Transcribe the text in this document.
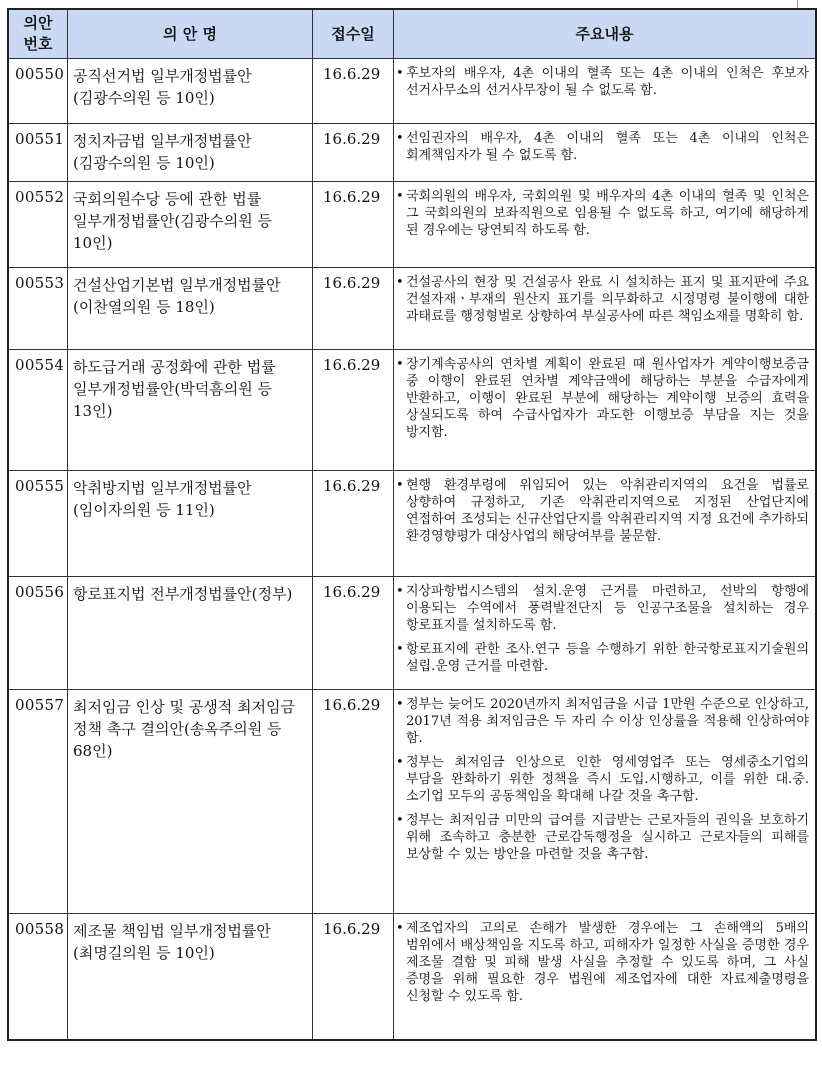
의안
번호	의 안 명	접수일	주요내용
00550	공직선거법 일부개정법률안(김광수의원 등 10인)	16.6.29	• 후보자의 배우자, 4촌 이내의 혈족 또는 4촌 이내의 인척은 후보자 선거사무소의 선거사무장이 될 수 없도록 함.

00551	정치자금법 일부개정법률안(김광수의원 등 10인)	16.6.29	• 선임권자의 배우자, 4촌 이내의 혈족 또는 4촌 이내의 인척은 회계책임자가 될 수 없도록 함.

00552	국회의원수당 등에 관한 법률 일부개정법률안(김광수의원 등 10인)	16.6.29	• 국회의원의 배우자, 국회의원 및 배우자의 4촌 이내의 혈족 및 인척은 그 국회의원의 보좌직원으로 임용될 수 없도록 하고, 여기에 해당하게 된 경우에는 당연퇴직 하도록 함.

00553	건설산업기본법 일부개정법률안(이찬열의원 등 18인)	16.6.29	• 건설공사의 현장 및 건설공사 완료 시 설치하는 표지 및 표지판에 주요 건설자재ㆍ부재의 원산지 표기를 의무화하고 시정명령 불이행에 대한 과태료를 행정형벌로 상향하여 부실공사에 따른 책임소재를 명확히 함.

00554	하도급거래 공정화에 관한 법률 일부개정법률안(박덕흠의원 등 13인)	16.6.29	• 장기계속공사의 연차별 계획이 완료된 때 원사업자가 계약이행보증금 중 이행이 완료된 연차별 계약금액에 해당하는 부분을 수급자에게 반환하고, 이행이 완료된 부분에 해당하는 계약이행 보증의 효력을 상실되도록 하여 수급사업자가 과도한 이행보증 부담을 지는 것을 방지함.

00555	악취방지법 일부개정법률안(임이자의원 등 11인)	16.6.29	• 현행 환경부령에 위임되어 있는 악취관리지역의 요건을 법률로 상향하여 규정하고, 기존 악취관리지역으로 지정된 산업단지에 연접하여 조성되는 신규산업단지를 악취관리지역 지정 요건에 추가하되 환경영향평가 대상사업의 해당여부를 불문함.

00556	항로표지법 전부개정법률안(정부)	16.6.29	• 지상파항법시스템의 설치.운영 근거를 마련하고, 선박의 항행에 이용되는 수역에서 풍력발전단지 등 인공구조물을 설치하는 경우 항로표지를 설치하도록 함.
• 항로표지에 관한 조사.연구 등을 수행하기 위한 한국항로표지기술원의 설립.운영 근거를 마련함.

00557	최저임금 인상 및 공생적 최저임금 정책 촉구 결의안(송옥주의원 등 68인)	16.6.29	• 정부는 늦어도 2020년까지 최저임금을 시급 1만원 수준으로 인상하고, 2017년 적용 최저임금은 두 자리 수 이상 인상률을 적용해 인상하여야 함.
• 정부는 최저임금 인상으로 인한 영세영업주 또는 영세중소기업의 부담을 완화하기 위한 정책을 즉시 도입.시행하고, 이를 위한 대.중.소기업 모두의 공동책임을 확대해 나갈 것을 촉구함.
• 정부는 최저임금 미만의 급여를 지급받는 근로자들의 권익을 보호하기 위해 조속하고 충분한 근로감독행정을 실시하고 근로자들의 피해를 보상할 수 있는 방안을 마련할 것을 촉구함.

00558	제조물 책임법 일부개정법률안(최명길의원 등 10인)	16.6.29	• 제조업자의 고의로 손해가 발생한 경우에는 그 손해액의 5배의 범위에서 배상책임을 지도록 하고, 피해자가 일정한 사실을 증명한 경우 제조물 결함 및 피해 발생 사실을 추정할 수 있도록 하며, 그 사실 증명을 위해 필요한 경우 법원에 제조업자에 대한 자료제출명령을 신청할 수 있도록 함.
